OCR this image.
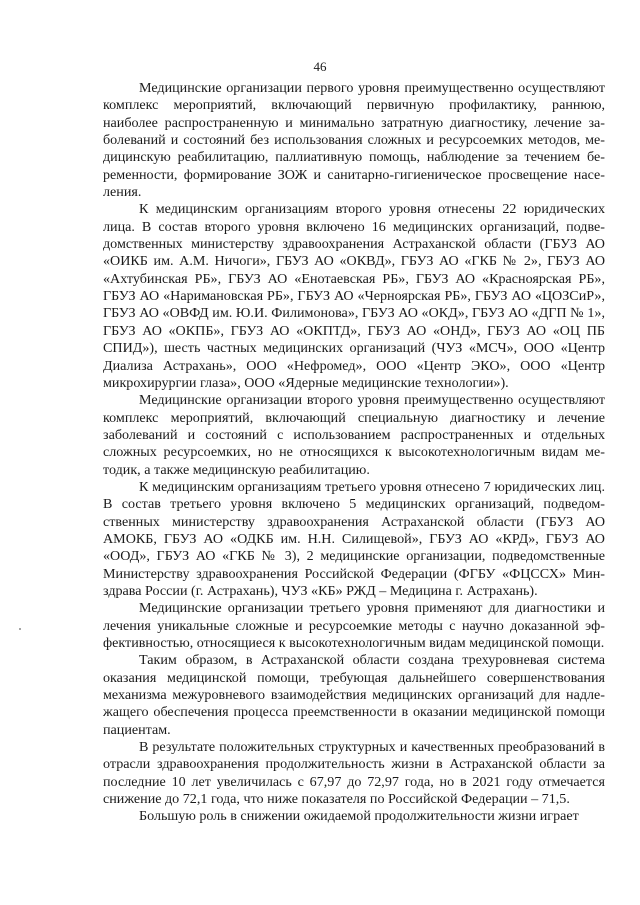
46

Медицинские организации первого уровня преимущественно осуществляют комплекс мероприятий, включающий первичную профилактику, раннюю, наиболее распространенную и минимально затратную диагностику, лечение заболеваний и состояний без использования сложных и ресурсоемких методов, медицинскую реабилитацию, паллиативную помощь, наблюдение за течением беременности, формирование ЗОЖ и санитарно-гигиеническое просвещение населения.

К медицинским организациям второго уровня отнесены 22 юридических лица. В состав второго уровня включено 16 медицинских организаций, подведомственных министерству здравоохранения Астраханской области (ГБУЗ АО «ОИКБ им. А.М. Ничоги», ГБУЗ АО «ОКВД», ГБУЗ АО «ГКБ № 2», ГБУЗ АО «Ахтубинская РБ», ГБУЗ АО «Енотаевская РБ», ГБУЗ АО «Красноярская РБ», ГБУЗ АО «Наримановская РБ», ГБУЗ АО «Черноярская РБ», ГБУЗ АО «ЦОЗСиР», ГБУЗ АО «ОВФД им. Ю.И. Филимонова», ГБУЗ АО «ОКД», ГБУЗ АО «ДГП № 1», ГБУЗ АО «ОКПБ», ГБУЗ АО «ОКПТД», ГБУЗ АО «ОНД», ГБУЗ АО «ОЦ ПБ СПИД»), шесть частных медицинских организаций (ЧУЗ «МСЧ», ООО «Центр Диализа Астрахань», ООО «Нефромед», ООО «Центр ЭКО», ООО «Центр микрохирургии глаза», ООО «Ядерные медицинские технологии»).

Медицинские организации второго уровня преимущественно осуществляют комплекс мероприятий, включающий специальную диагностику и лечение заболеваний и состояний с использованием распространенных и отдельных сложных ресурсоемких, но не относящихся к высокотехнологичным видам методик, а также медицинскую реабилитацию.

К медицинским организациям третьего уровня отнесено 7 юридических лиц. В состав третьего уровня включено 5 медицинских организаций, подведомственных министерству здравоохранения Астраханской области (ГБУЗ АО АМОКБ, ГБУЗ АО «ОДКБ им. Н.Н. Силищевой», ГБУЗ АО «КРД», ГБУЗ АО «ООД», ГБУЗ АО «ГКБ № 3), 2 медицинские организации, подведомственные Министерству здравоохранения Российской Федерации (ФГБУ «ФЦССХ» Минздрава России (г. Астрахань), ЧУЗ «КБ» РЖД – Медицина г. Астрахань).

Медицинские организации третьего уровня применяют для диагностики и лечения уникальные сложные и ресурсоемкие методы с научно доказанной эффективностью, относящиеся к высокотехнологичным видам медицинской помощи.

Таким образом, в Астраханской области создана трехуровневая система оказания медицинской помощи, требующая дальнейшего совершенствования механизма межуровневого взаимодействия медицинских организаций для надлежащего обеспечения процесса преемственности в оказании медицинской помощи пациентам.

В результате положительных структурных и качественных преобразований в отрасли здравоохранения продолжительность жизни в Астраханской области за последние 10 лет увеличилась с 67,97 до 72,97 года, но в 2021 году отмечается снижение до 72,1 года, что ниже показателя по Российской Федерации – 71,5.

Большую роль в снижении ожидаемой продолжительности жизни играет
